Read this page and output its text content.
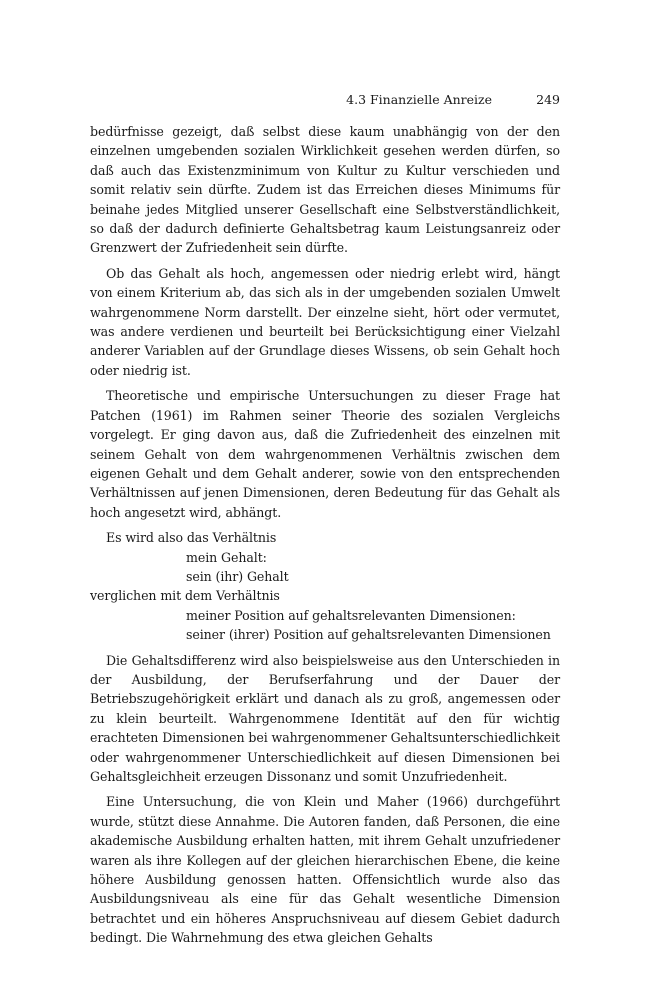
4.3 Finanzielle Anreize	249

bedürfnisse gezeigt, daß selbst diese kaum unabhängig von der den einzelnen umgebenden sozialen Wirklichkeit gesehen werden dürfen, so daß auch das Existenzminimum von Kultur zu Kultur verschieden und somit relativ sein dürfte. Zudem ist das Erreichen dieses Minimums für beinahe jedes Mitglied unserer Gesellschaft eine Selbstverständlichkeit, so daß der dadurch definierte Gehaltsbetrag kaum Leistungsanreiz oder Grenzwert der Zufriedenheit sein dürfte.

Ob das Gehalt als hoch, angemessen oder niedrig erlebt wird, hängt von einem Kriterium ab, das sich als in der umgebenden sozialen Umwelt wahrgenommene Norm darstellt. Der einzelne sieht, hört oder vermutet, was andere verdienen und beurteilt bei Berücksichtigung einer Vielzahl anderer Variablen auf der Grundlage dieses Wissens, ob sein Gehalt hoch oder niedrig ist.

Theoretische und empirische Untersuchungen zu dieser Frage hat Patchen (1961) im Rahmen seiner Theorie des sozialen Vergleichs vorgelegt. Er ging davon aus, daß die Zufriedenheit des einzelnen mit seinem Gehalt von dem wahrgenommenen Verhältnis zwischen dem eigenen Gehalt und dem Gehalt anderer, sowie von den entsprechenden Verhältnissen auf jenen Dimensionen, deren Bedeutung für das Gehalt als hoch angesetzt wird, abhängt.

Es wird also das Verhältnis

mein Gehalt:

sein (ihr) Gehalt

verglichen mit dem Verhältnis

meiner Position auf gehaltsrelevanten Dimensionen:

seiner (ihrer) Position auf gehaltsrelevanten Dimensionen

Die Gehaltsdifferenz wird also beispielsweise aus den Unterschieden in der Ausbildung, der Berufserfahrung und der Dauer der Betriebszugehörigkeit erklärt und danach als zu groß, angemessen oder zu klein beurteilt. Wahrgenommene Identität auf den für wichtig erachteten Dimensionen bei wahrgenommener Gehaltsunterschiedlichkeit oder wahrgenommener Unterschiedlichkeit auf diesen Dimensionen bei Gehaltsgleichheit erzeugen Dissonanz und somit Unzufriedenheit.

Eine Untersuchung, die von Klein und Maher (1966) durchgeführt wurde, stützt diese Annahme. Die Autoren fanden, daß Personen, die eine akademische Ausbildung erhalten hatten, mit ihrem Gehalt unzufriedener waren als ihre Kollegen auf der gleichen hierarchischen Ebene, die keine höhere Ausbildung genossen hatten. Offensichtlich wurde also das Ausbildungsniveau als eine für das Gehalt wesentliche Dimension betrachtet und ein höheres Anspruchsniveau auf diesem Gebiet dadurch bedingt. Die Wahrnehmung des etwa gleichen Gehalts
